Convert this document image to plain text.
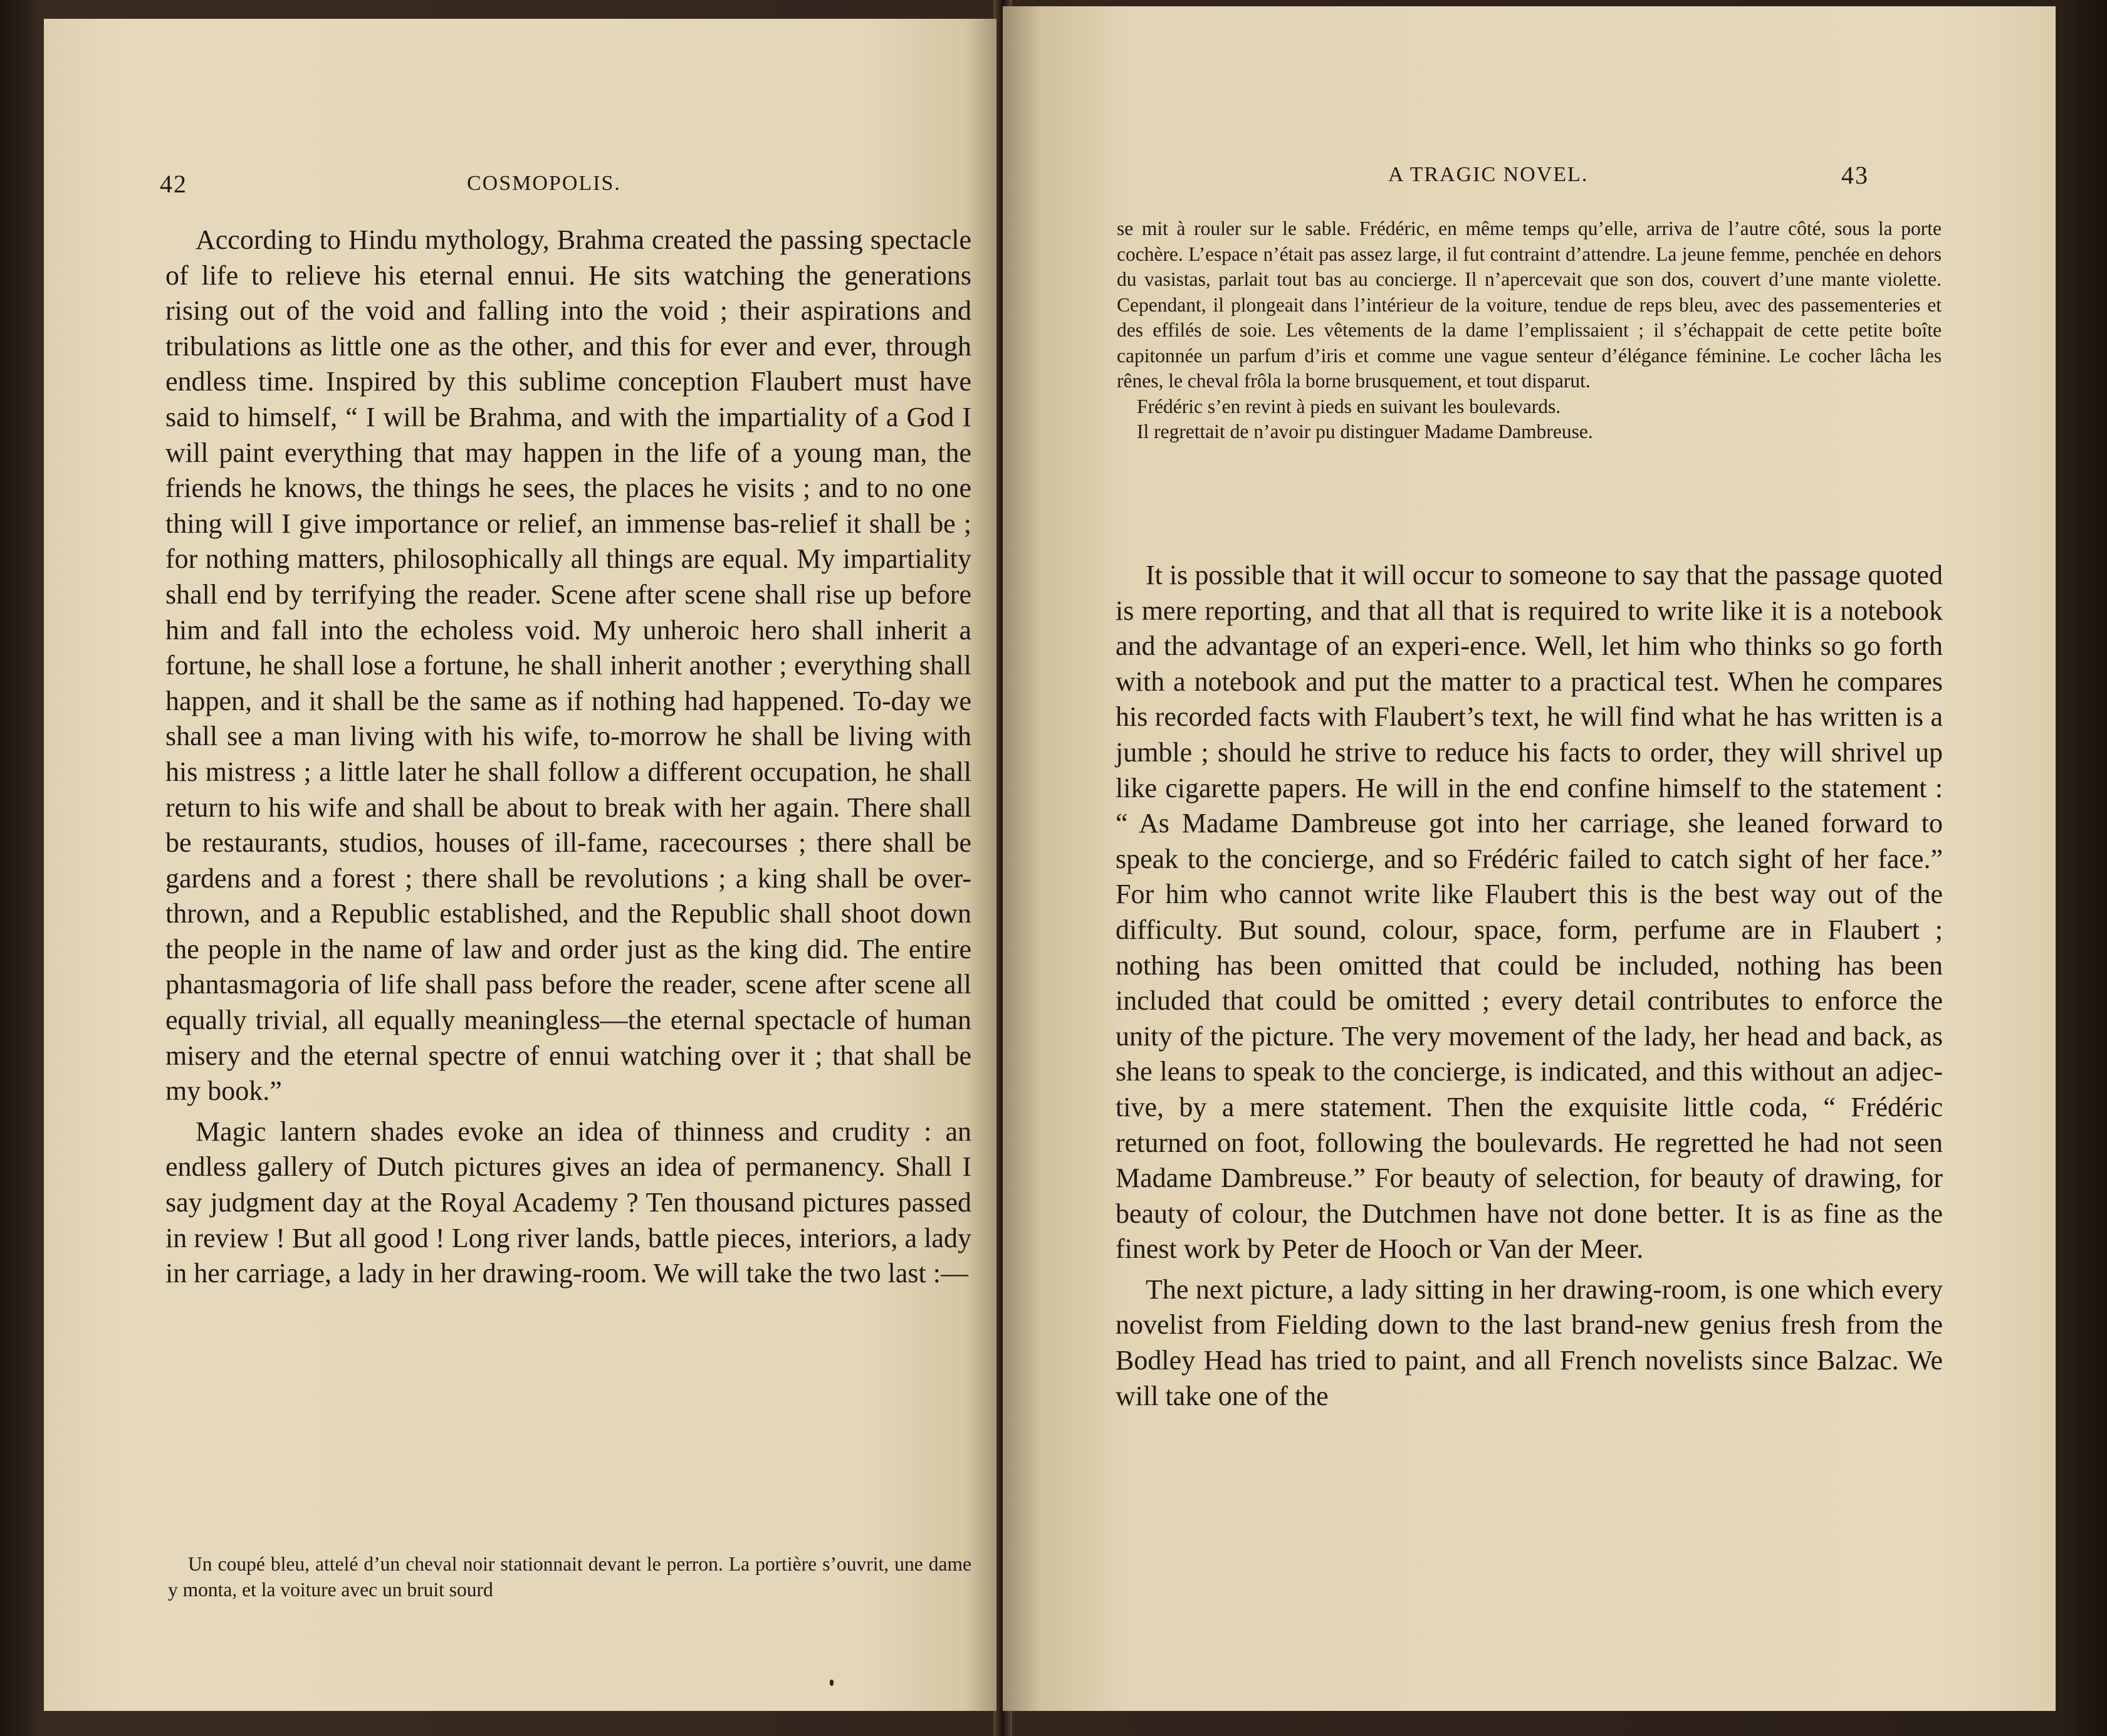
42	COSMOPOLIS.

According to Hindu mythology, Brahma created the passing spectacle of life to relieve his eternal ennui. He sits watching the generations rising out of the void and falling into the void ; their aspirations and tribulations as little one as the other, and this for ever and ever, through endless time. Inspired by this sublime conception Flaubert must have said to himself, “ I will be Brahma, and with the impartiality of a God I will paint everything that may happen in the life of a young man, the friends he knows, the things he sees, the places he visits ; and to no one thing will I give importance or relief, an immense bas-relief it shall be ; for nothing matters, philosophically all things are equal. My impartiality shall end by terrifying the reader. Scene after scene shall rise up before him and fall into the echoless void. My unheroic hero shall inherit a fortune, he shall lose a fortune, he shall inherit another ; everything shall happen, and it shall be the same as if nothing had happened. To-day we shall see a man living with his wife, to-morrow he shall be living with his mistress ; a little later he shall follow a different occupation, he shall return to his wife and shall be about to break with her again. There shall be restaurants, studios, houses of ill-fame, racecourses ; there shall be gardens and a forest ; there shall be revolutions ; a king shall be over-thrown, and a Republic established, and the Republic shall shoot down the people in the name of law and order just as the king did. The entire phantasmagoria of life shall pass before the reader, scene after scene all equally trivial, all equally meaningless—the eternal spectacle of human misery and the eternal spectre of ennui watching over it ; that shall be my book.”

Magic lantern shades evoke an idea of thinness and crudity : an endless gallery of Dutch pictures gives an idea of permanency. Shall I say judgment day at the Royal Academy ? Ten thousand pictures passed in review ! But all good ! Long river lands, battle pieces, interiors, a lady in her carriage, a lady in her drawing-room. We will take the two last :—

Un coupé bleu, attelé d’un cheval noir stationnait devant le perron. La portière s’ouvrit, une dame y monta, et la voiture avec un bruit sourd

A TRAGIC NOVEL.	43

se mit à rouler sur le sable. Frédéric, en même temps qu’elle, arriva de l’autre côté, sous la porte cochère. L’espace n’était pas assez large, il fut contraint d’attendre. La jeune femme, penchée en dehors du vasistas, parlait tout bas au concierge. Il n’apercevait que son dos, couvert d’une mante violette. Cependant, il plongeait dans l’intérieur de la voiture, tendue de reps bleu, avec des passementeries et des effilés de soie. Les vêtements de la dame l’emplissaient ; il s’échappait de cette petite boîte capitonnée un parfum d’iris et comme une vague senteur d’élégance féminine. Le cocher lâcha les rênes, le cheval frôla la borne brusquement, et tout disparut.

Frédéric s’en revint à pieds en suivant les boulevards.

Il regrettait de n’avoir pu distinguer Madame Dambreuse.

It is possible that it will occur to someone to say that the passage quoted is mere reporting, and that all that is required to write like it is a notebook and the advantage of an experi-ence. Well, let him who thinks so go forth with a notebook and put the matter to a practical test. When he compares his recorded facts with Flaubert’s text, he will find what he has written is a jumble ; should he strive to reduce his facts to order, they will shrivel up like cigarette papers. He will in the end confine himself to the statement : “ As Madame Dambreuse got into her carriage, she leaned forward to speak to the concierge, and so Frédéric failed to catch sight of her face.” For him who cannot write like Flaubert this is the best way out of the difficulty. But sound, colour, space, form, perfume are in Flaubert ; nothing has been omitted that could be included, nothing has been included that could be omitted ; every detail contributes to enforce the unity of the picture. The very movement of the lady, her head and back, as she leans to speak to the concierge, is indicated, and this without an adjec-tive, by a mere statement. Then the exquisite little coda, “ Frédéric returned on foot, following the boulevards. He regretted he had not seen Madame Dambreuse.” For beauty of selection, for beauty of drawing, for beauty of colour, the Dutchmen have not done better. It is as fine as the finest work by Peter de Hooch or Van der Meer.

The next picture, a lady sitting in her drawing-room, is one which every novelist from Fielding down to the last brand-new genius fresh from the Bodley Head has tried to paint, and all French novelists since Balzac. We will take one of the
